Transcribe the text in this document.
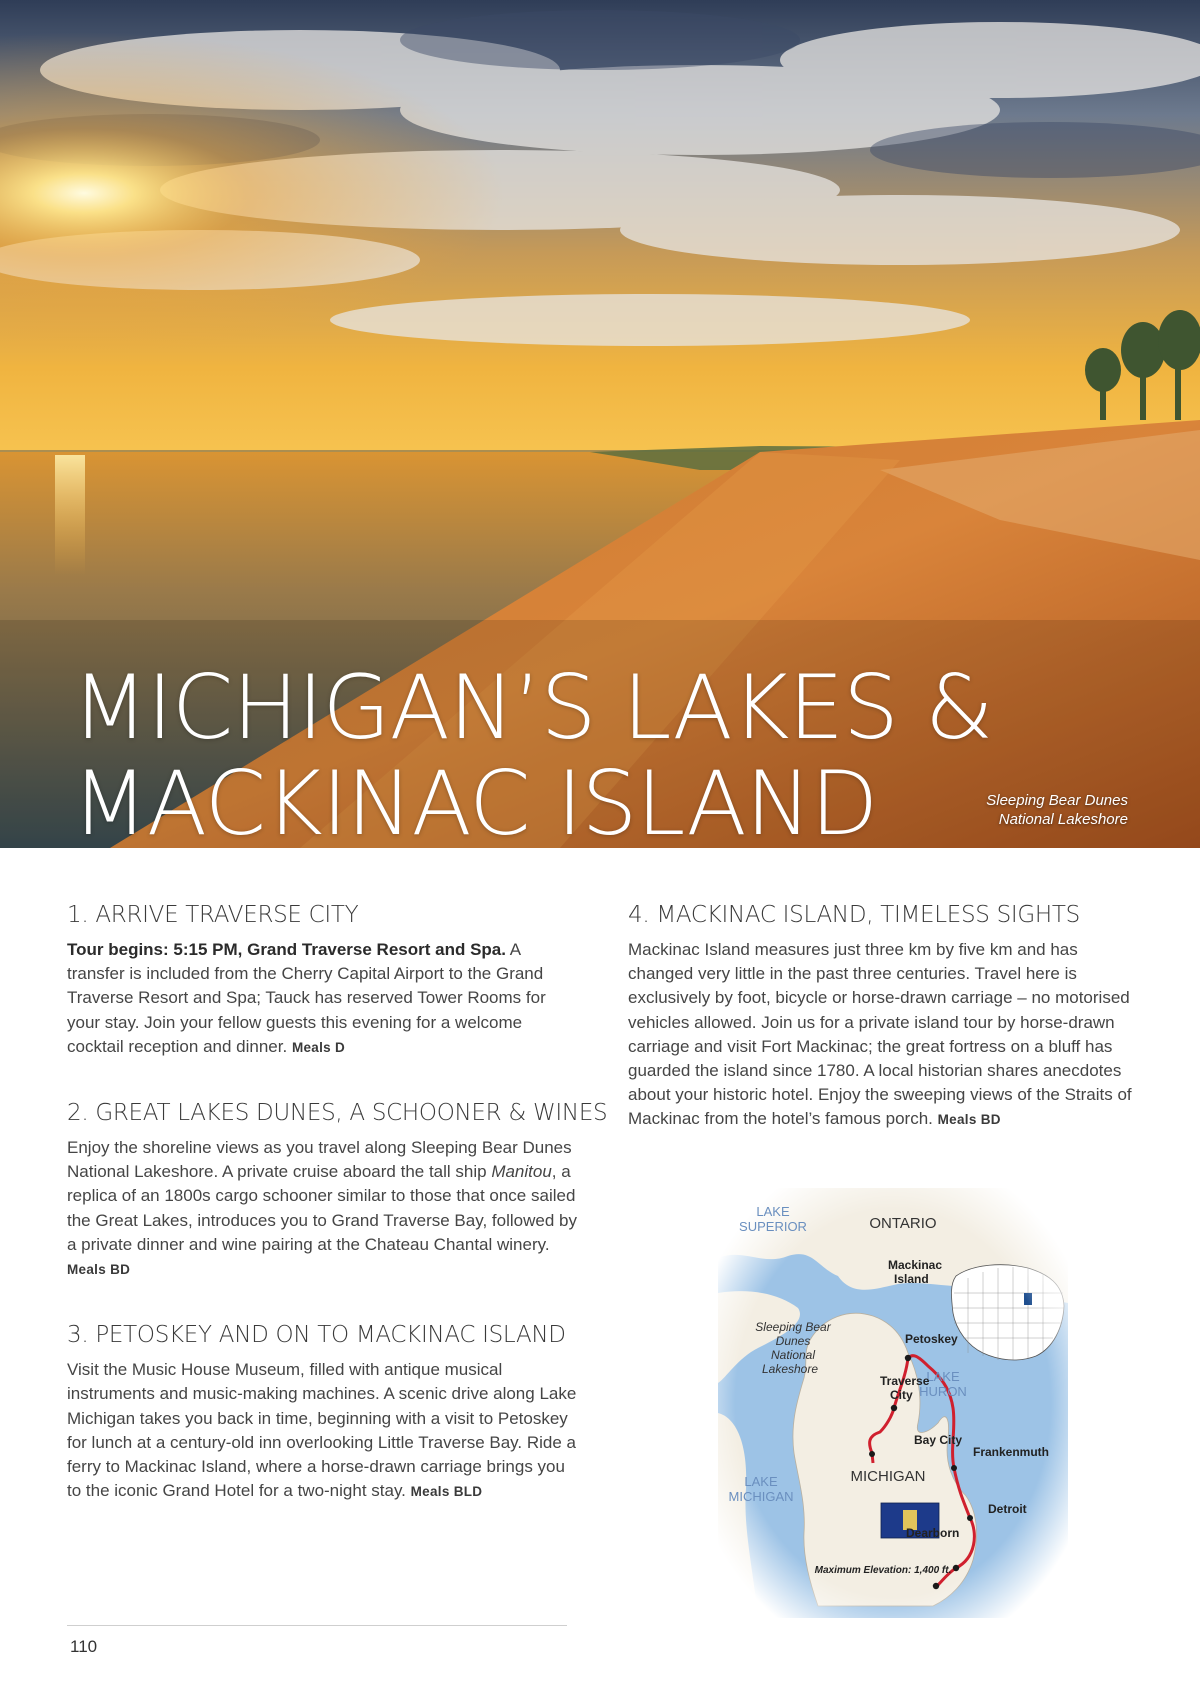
MICHIGAN’S LAKES &
MACKINAC ISLAND	Sleeping Bear Dunes
National Lakeshore
1. ARRIVE TRAVERSE CITY

Tour begins: 5:15 PM, Grand Traverse Resort and Spa. A transfer is included from the Cherry Capital Airport to the Grand Traverse Resort and Spa; Tauck has reserved Tower Rooms for your stay. Join your fellow guests this evening for a welcome cocktail reception and dinner. Meals D

2. GREAT LAKES DUNES, A SCHOONER & WINES

Enjoy the shoreline views as you travel along Sleeping Bear Dunes National Lakeshore. A private cruise aboard the tall ship Manitou, a replica of an 1800s cargo schooner similar to those that once sailed the Great Lakes, introduces you to Grand Traverse Bay, followed by a private dinner and wine pairing at the Chateau Chantal winery. Meals BD

3. PETOSKEY AND ON TO MACKINAC ISLAND

Visit the Music House Museum, filled with antique musical instruments and music-making machines. A scenic drive along Lake Michigan takes you back in time, beginning with a visit to Petoskey for lunch at a century-old inn overlooking Little Traverse Bay. Ride a ferry to Mackinac Island, where a horse-drawn carriage brings you to the iconic Grand Hotel for a two-night stay. Meals BLD

4. MACKINAC ISLAND, TIMELESS SIGHTS

Mackinac Island measures just three km by five km and has changed very little in the past three centuries. Travel here is exclusively by foot, bicycle or horse-drawn carriage – no motorised vehicles allowed. Join us for a private island tour by horse-drawn carriage and visit Fort Mackinac; the great fortress on a bluff has guarded the island since 1780. A local historian shares anecdotes about your historic hotel. Enjoy the sweeping views of the Straits of Mackinac from the hotel’s famous porch. Meals BD

LAKE
SUPERIOR
LAKE
HURON
LAKE
MICHIGAN
ONTARIO
MICHIGAN
Mackinac
Island
Petoskey
Traverse
City
Bay City
Frankenmuth
Detroit
Dearborn
Sleeping Bear
Dunes
National
Lakeshore
Maximum Elevation: 1,400 ft.
110
